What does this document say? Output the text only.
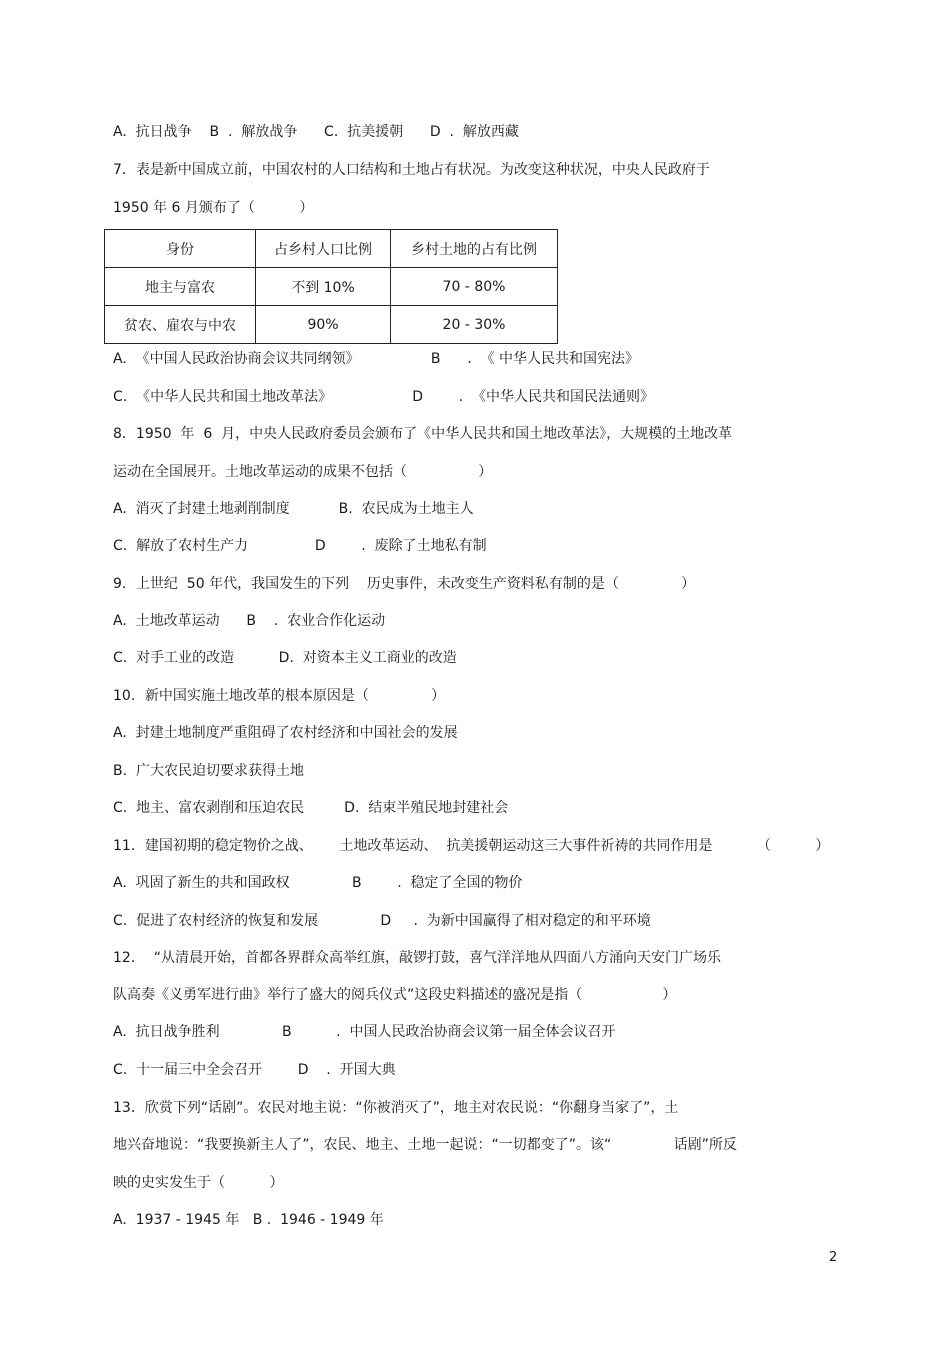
A.  抗日战争    B  .  解放战争      C.  抗美援朝      D  .  解放西藏
7．表是新中国成立前，中国农村的人口结构和土地占有状况。为改变这种状况，中央人民政府于
1950 年 6 月颁布了（          ）
身份	占乡村人口比例	乡村土地的占有比例
地主与富农	不到 10%	70 - 80%
贫农、雇农与中农	90%	20 - 30%
A.  《中国人民政治协商会议共同纲领》                B      .  《 中华人民共和国宪法》
C.  《中华人民共和国土地改革法》                  D        .  《中华人民共和国民法通则》
8．1950  年  6  月，中央人民政府委员会颁布了《中华人民共和国土地改革法》，大规模的土地改革
运动在全国展开。土地改革运动的成果不包括（                ）
A.  消灭了封建土地剥削制度           B.  农民成为土地主人
C.  解放了农村生产力               D        .  废除了土地私有制
9．上世纪  50 年代，我国发生的下列    历史事件，未改变生产资料私有制的是（              ）
A.  土地改革运动      B    .  农业合作化运动
C.  对手工业的改造          D.  对资本主义工商业的改造
10．新中国实施土地改革的根本原因是（              ）
A.  封建土地制度严重阻碍了农村经济和中国社会的发展
B.  广大农民迫切要求获得土地
C.  地主、富农剥削和压迫农民         D.  结束半殖民地封建社会
11．建国初期的稳定物价之战、      土地改革运动、  抗美援朝运动这三大事件祈祷的共同作用是          （          ）
A.  巩固了新生的共和国政权              B        .  稳定了全国的物价
C.  促进了农村经济的恢复和发展              D     .  为新中国赢得了相对稳定的和平环境
12．  “从清晨开始，首都各界群众高举红旗，敲锣打鼓，喜气洋洋地从四面八方涌向天安门广场乐
队高奏《义勇军进行曲》举行了盛大的阅兵仪式”这段史料描述的盛况是指（                  ）
A.  抗日战争胜利              B          .  中国人民政治协商会议第一届全体会议召开
C.  十一届三中全会召开        D    .  开国大典
13．欣赏下列“话剧”。农民对地主说：“你被消灭了”，地主对农民说：“你翻身当家了”，土
地兴奋地说：“我要换新主人了”，农民、地主、土地一起说：“一切都变了”。该“              话剧”所反
映的史实发生于（          ）
A.  1937 - 1945 年   B .  1946 - 1949 年
2
